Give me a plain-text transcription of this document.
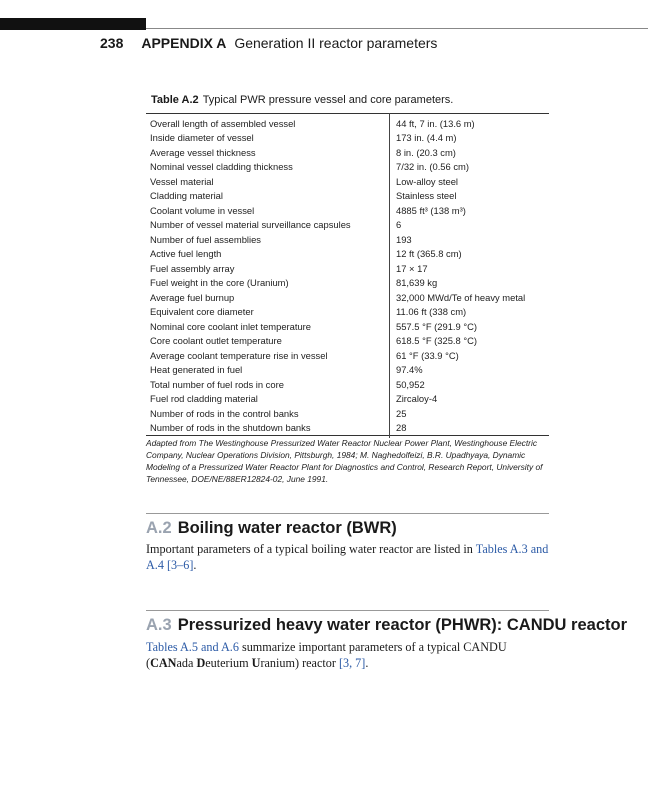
238 APPENDIX A Generation II reactor parameters
Table A.2 Typical PWR pressure vessel and core parameters.
Overall length of assembled vessel	44 ft, 7 in. (13.6 m)
Inside diameter of vessel	173 in. (4.4 m)
Average vessel thickness	8 in. (20.3 cm)
Nominal vessel cladding thickness	7/32 in. (0.56 cm)
Vessel material	Low-alloy steel
Cladding material	Stainless steel
Coolant volume in vessel	4885 ft³ (138 m³)
Number of vessel material surveillance capsules	6
Number of fuel assemblies	193
Active fuel length	12 ft (365.8 cm)
Fuel assembly array	17 × 17
Fuel weight in the core (Uranium)	81,639 kg
Average fuel burnup	32,000 MWd/Te of heavy metal
Equivalent core diameter	11.06 ft (338 cm)
Nominal core coolant inlet temperature	557.5 °F (291.9 °C)
Core coolant outlet temperature	618.5 °F (325.8 °C)
Average coolant temperature rise in vessel	61 °F (33.9 °C)
Heat generated in fuel	97.4%
Total number of fuel rods in core	50,952
Fuel rod cladding material	Zircaloy-4
Number of rods in the control banks	25
Number of rods in the shutdown banks	28
Adapted from The Westinghouse Pressurized Water Reactor Nuclear Power Plant, Westinghouse Electric Company, Nuclear Operations Division, Pittsburgh, 1984; M. Naghedolfeizi, B.R. Upadhyaya, Dynamic Modeling of a Pressurized Water Reactor Plant for Diagnostics and Control, Research Report, University of Tennessee, DOE/NE/88ER12824-02, June 1991.
A.2 Boiling water reactor (BWR)
Important parameters of a typical boiling water reactor are listed in Tables A.3 and A.4 [3–6].
A.3 Pressurized heavy water reactor (PHWR): CANDU reactor
Tables A.5 and A.6 summarize important parameters of a typical CANDU (CANada Deuterium Uranium) reactor [3, 7].
